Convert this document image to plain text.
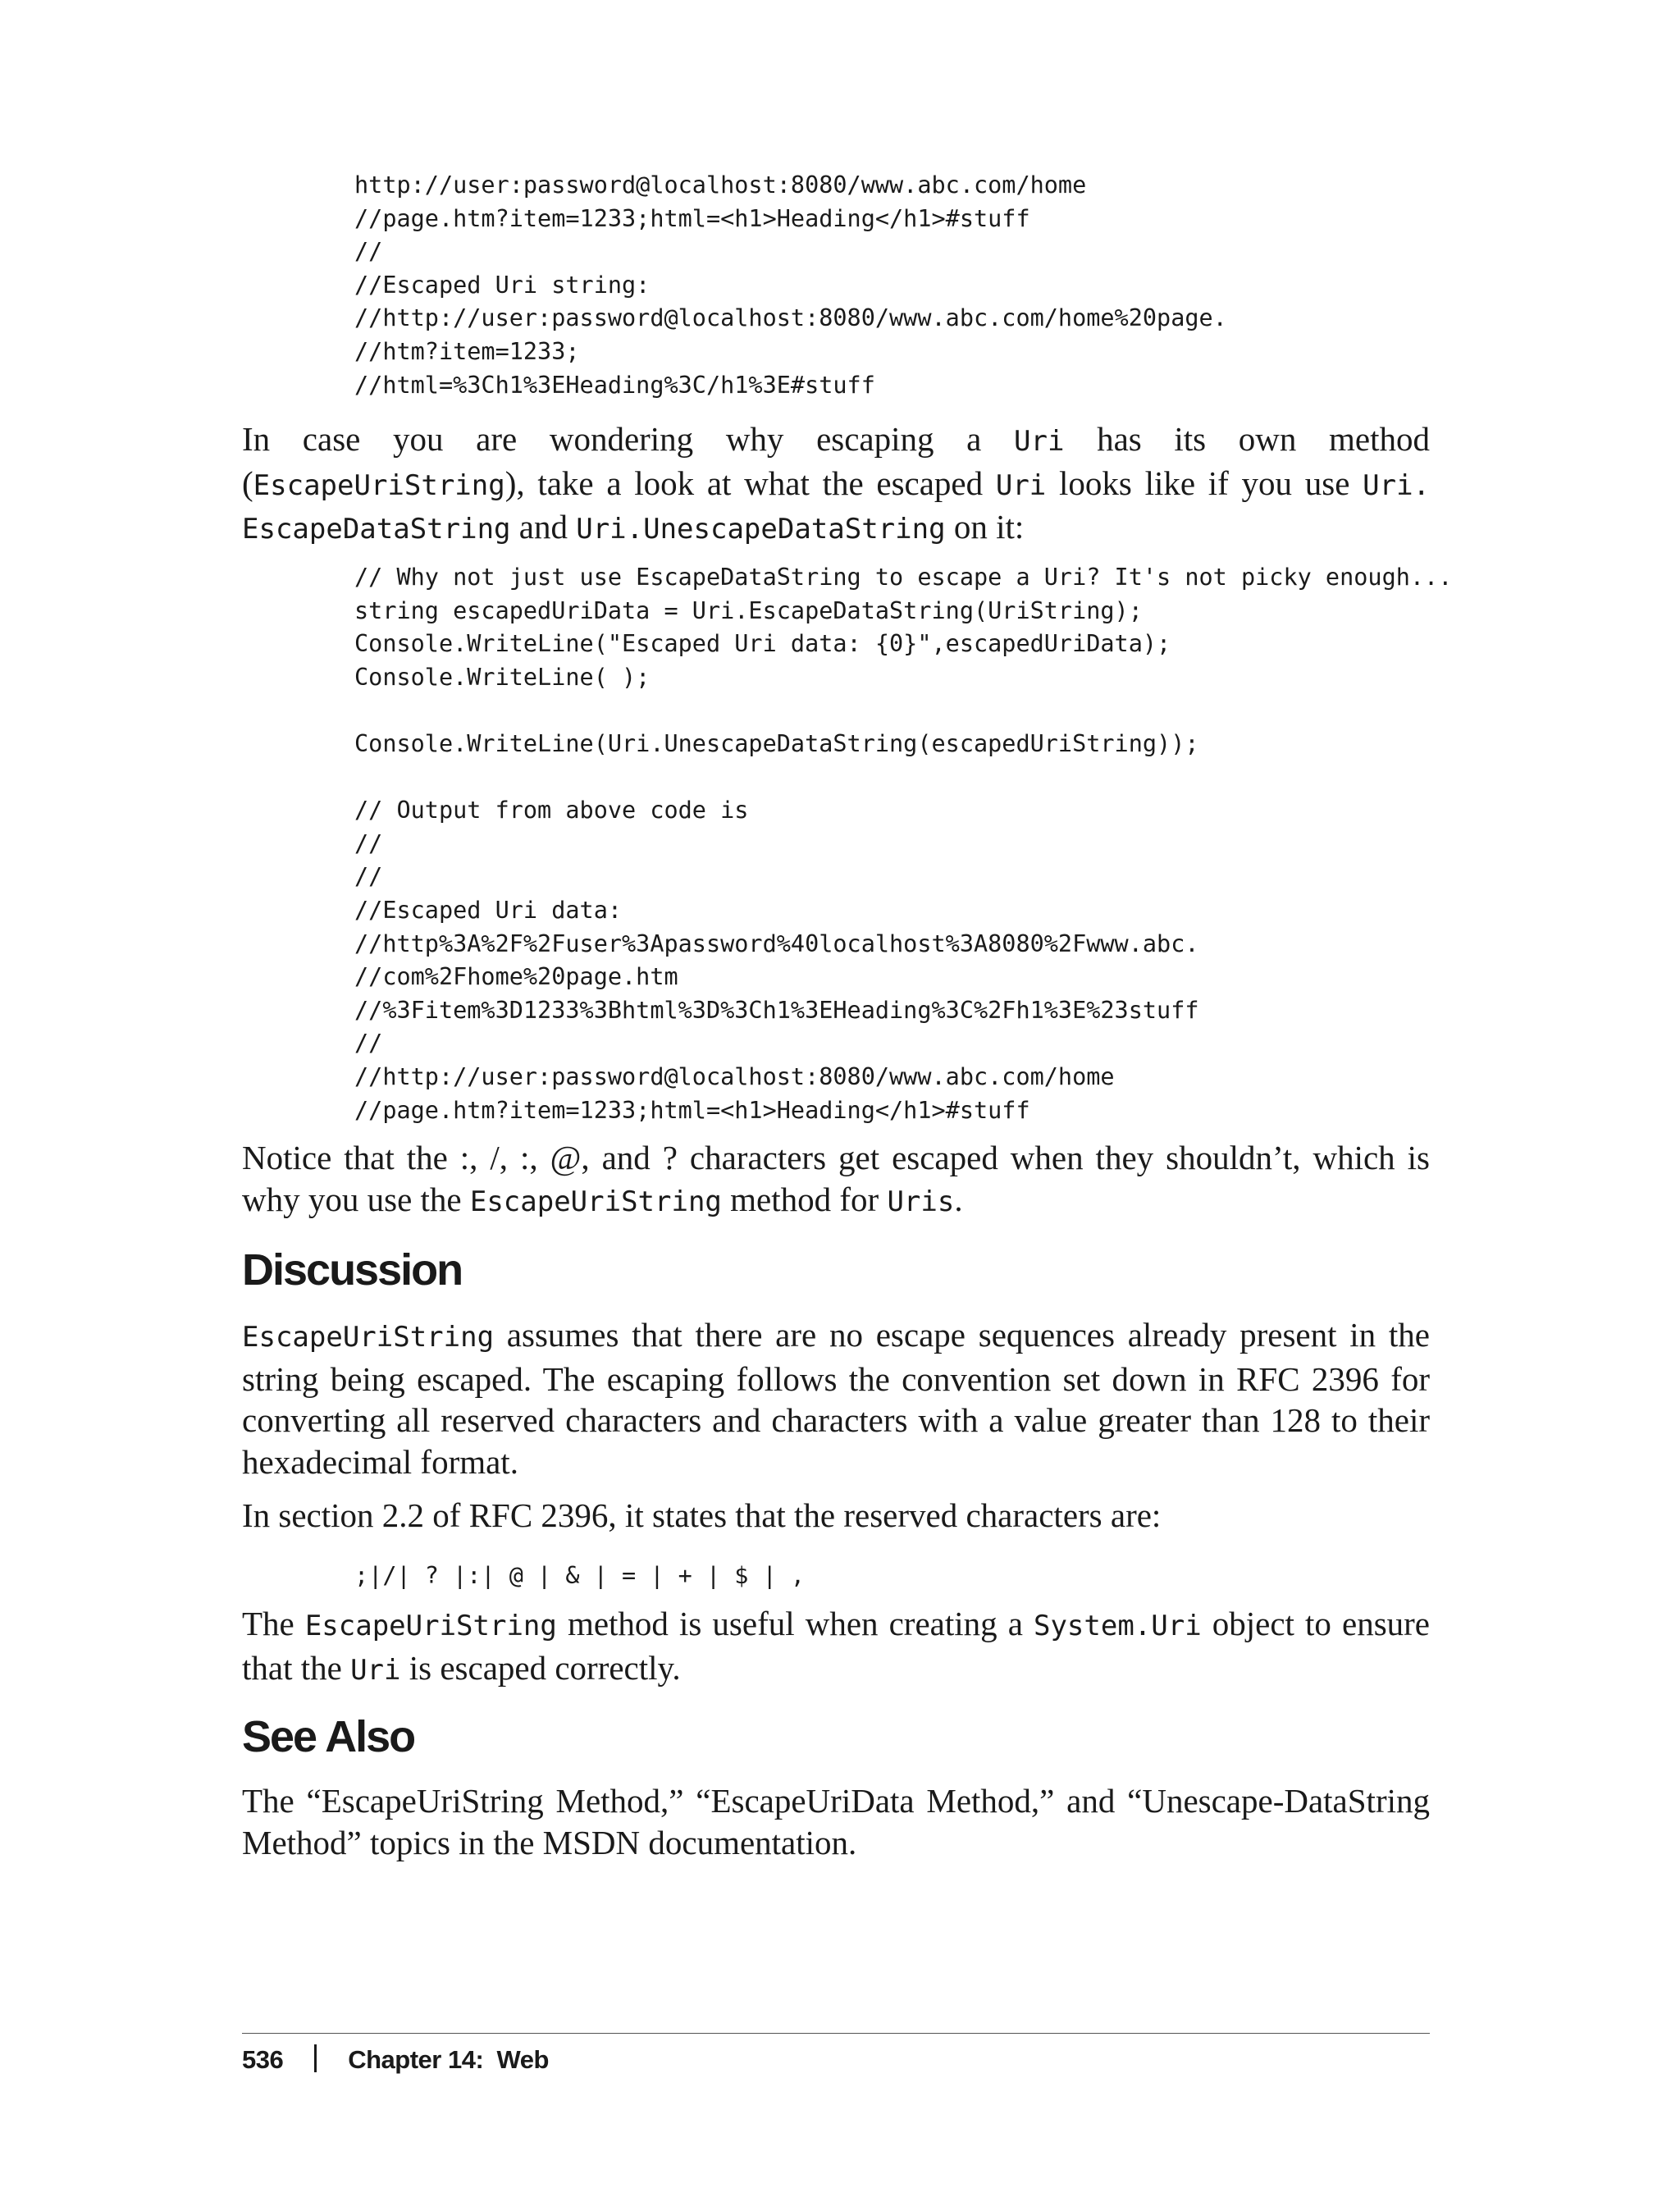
http://user:password@localhost:8080/www.abc.com/home
//page.htm?item=1233;html=<h1>Heading</h1>#stuff
//
//Escaped Uri string:
//http://user:password@localhost:8080/www.abc.com/home%20page.
//htm?item=1233;
//html=%3Ch1%3EHeading%3C/h1%3E#stuff

In case you are wondering why escaping a Uri has its own method (EscapeUriString), take a look at what the escaped Uri looks like if you use Uri. EscapeDataString and Uri.UnescapeDataString on it:

// Why not just use EscapeDataString to escape a Uri? It's not picky enough...
string escapedUriData = Uri.EscapeDataString(UriString);
Console.WriteLine("Escaped Uri data: {0}",escapedUriData);
Console.WriteLine( );

Console.WriteLine(Uri.UnescapeDataString(escapedUriString));

// Output from above code is
//
//
//Escaped Uri data:
//http%3A%2F%2Fuser%3Apassword%40localhost%3A8080%2Fwww.abc.
//com%2Fhome%20page.htm
//%3Fitem%3D1233%3Bhtml%3D%3Ch1%3EHeading%3C%2Fh1%3E%23stuff
//
//http://user:password@localhost:8080/www.abc.com/home
//page.htm?item=1233;html=<h1>Heading</h1>#stuff

Notice that the :, /, :, @, and ? characters get escaped when they shouldn’t, which is why you use the EscapeUriString method for Uris.

Discussion

EscapeUriString assumes that there are no escape sequences already present in the string being escaped. The escaping follows the convention set down in RFC 2396 for converting all reserved characters and characters with a value greater than 128 to their hexadecimal format.

In section 2.2 of RFC 2396, it states that the reserved characters are:

;|/| ? |:| @ | & | = | + | $ | ,

The EscapeUriString method is useful when creating a System.Uri object to ensure that the Uri is escaped correctly.

See Also

The “EscapeUriString Method,” “EscapeUriData Method,” and “Unescape-DataString Method” topics in the MSDN documentation.

536	Chapter 14:  Web
